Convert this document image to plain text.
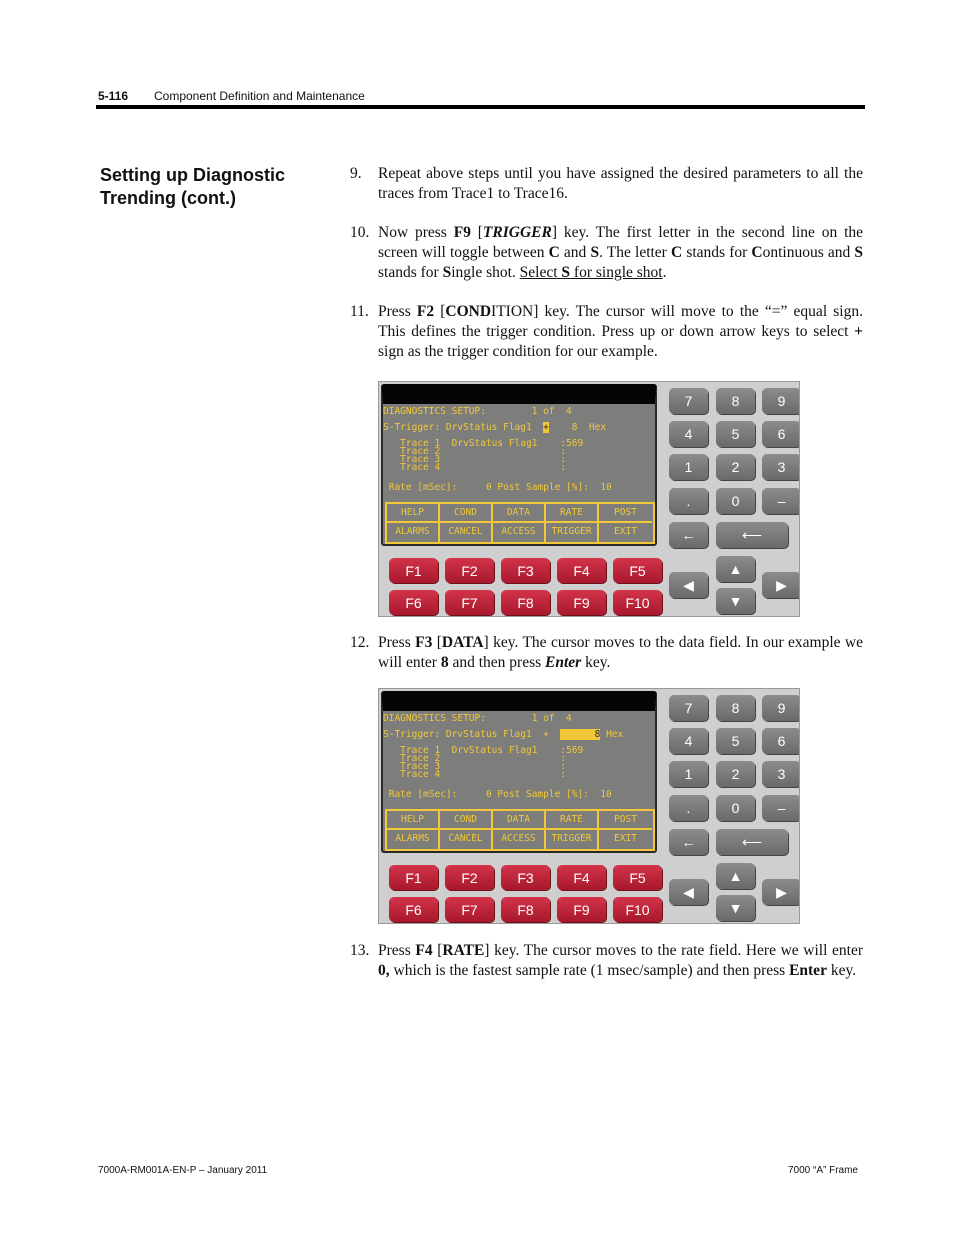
5-116 Component Definition and Maintenance
Setting up Diagnostic Trending (cont.)
9. Repeat above steps until you have assigned the desired parameters to all the traces from Trace1 to Trace16.
10. Now press F9 [TRIGGER] key. The first letter in the second line on the screen will toggle between C and S. The letter C stands for Continuous and S stands for Single shot. Select S for single shot.
11. Press F2 [CONDITION] key. The cursor will move to the “=” equal sign. This defines the trigger condition. Press up or down arrow keys to select + sign as the trigger condition for our example.
DIAGNOSTICS SETUP:        1 of  4
S-Trigger: DrvStatus Flag1  +    8  Hex
Trace 1  DrvStatus Flag1    :569
Trace 2                     :
Trace 3                     :
Trace 4                     :
Rate [mSec]:     0 Post Sample [%]:  10
HELP	COND	DATA	RATE	POST
ALARMS	CANCEL	ACCESS	TRIGGER	EXIT
F1	F2	F3	F4	F5
F6	F7	F8	F9	F10
7	8	9
4	5	6
1	2	3
.	0	–
←	⟵
▲
◀	▶
▼
12. Press F3 [DATA] key. The cursor moves to the data field. In our example we will enter 8 and then press Enter key.
DIAGNOSTICS SETUP:        1 of  4
S-Trigger: DrvStatus Flag1  +        8 Hex
Trace 1  DrvStatus Flag1    :569
Trace 2                     :
Trace 3                     :
Trace 4                     :
Rate [mSec]:     0 Post Sample [%]:  10
HELP	COND	DATA	RATE	POST
ALARMS	CANCEL	ACCESS	TRIGGER	EXIT
F1	F2	F3	F4	F5
F6	F7	F8	F9	F10
7	8	9
4	5	6
1	2	3
.	0	–
←	⟵
▲
◀	▶
▼
13. Press F4 [RATE] key. The cursor moves to the rate field. Here we will enter 0, which is the fastest sample rate (1 msec/sample) and then press Enter key.
7000A-RM001A-EN-P – January 2011	7000 “A” Frame
